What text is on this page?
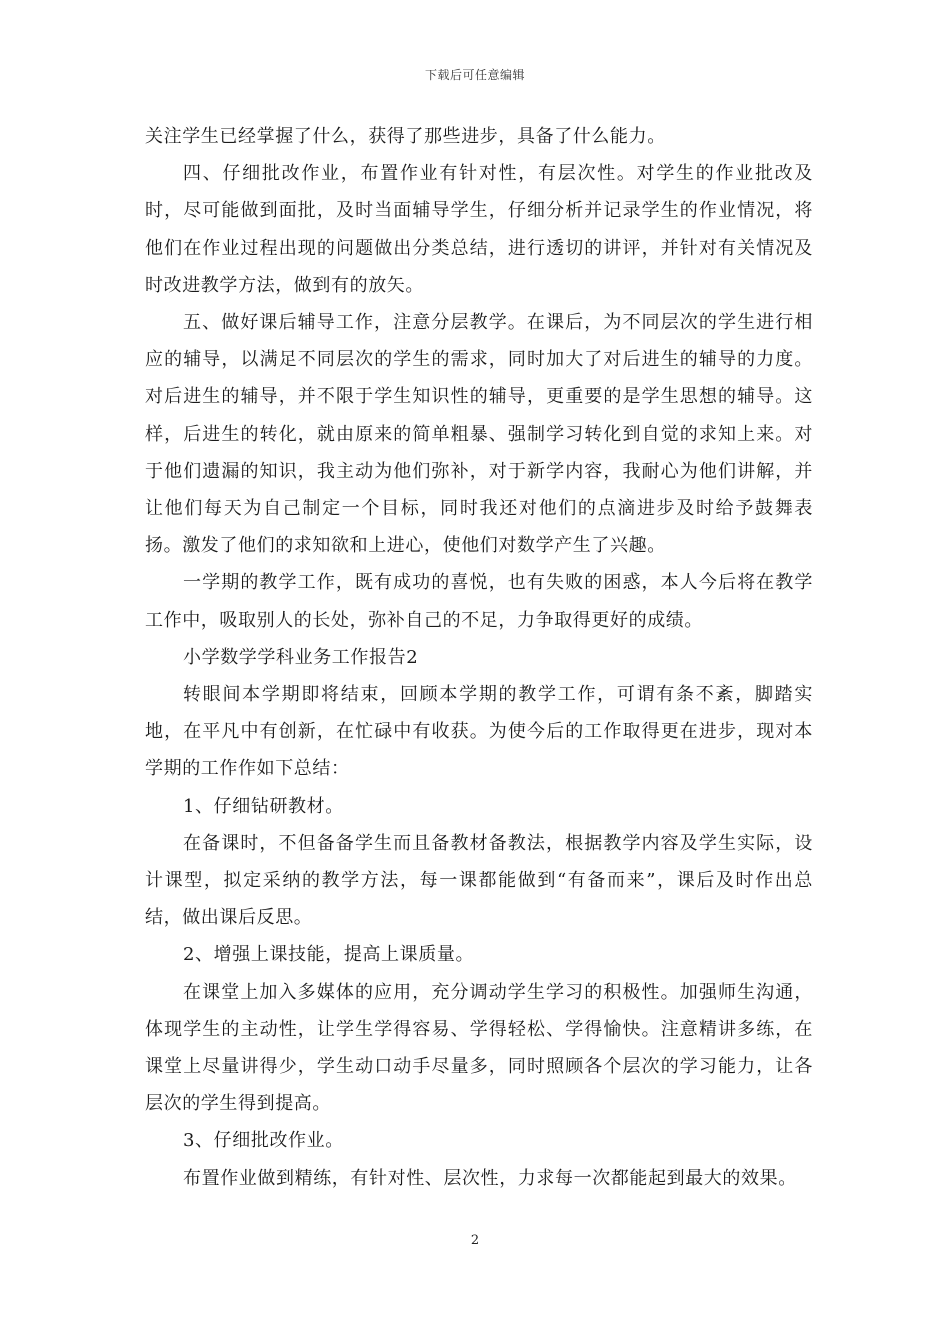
下载后可任意编辑

关注学生已经掌握了什么，获得了那些进步，具备了什么能力。

四、仔细批改作业，布置作业有针对性，有层次性。对学生的作业批改及时，尽可能做到面批，及时当面辅导学生，仔细分析并记录学生的作业情况，将他们在作业过程出现的问题做出分类总结，进行透切的讲评，并针对有关情况及时改进教学方法，做到有的放矢。

五、做好课后辅导工作，注意分层教学。在课后，为不同层次的学生进行相应的辅导，以满足不同层次的学生的需求，同时加大了对后进生的辅导的力度。对后进生的辅导，并不限于学生知识性的辅导，更重要的是学生思想的辅导。这样，后进生的转化，就由原来的简单粗暴、强制学习转化到自觉的求知上来。对于他们遗漏的知识，我主动为他们弥补，对于新学内容，我耐心为他们讲解，并让他们每天为自己制定一个目标，同时我还对他们的点滴进步及时给予鼓舞表扬。激发了他们的求知欲和上进心，使他们对数学产生了兴趣。

一学期的教学工作，既有成功的喜悦，也有失败的困惑，本人今后将在教学工作中，吸取别人的长处，弥补自己的不足，力争取得更好的成绩。

小学数学学科业务工作报告2

转眼间本学期即将结束，回顾本学期的教学工作，可谓有条不紊，脚踏实地，在平凡中有创新，在忙碌中有收获。为使今后的工作取得更在进步，现对本学期的工作作如下总结：

1、仔细钻研教材。

在备课时，不但备备学生而且备教材备教法，根据教学内容及学生实际，设计课型，拟定采纳的教学方法，每一课都能做到“有备而来”，课后及时作出总结，做出课后反思。

2、增强上课技能，提高上课质量。

在课堂上加入多媒体的应用，充分调动学生学习的积极性。加强师生沟通，体现学生的主动性，让学生学得容易、学得轻松、学得愉快。注意精讲多练，在课堂上尽量讲得少，学生动口动手尽量多，同时照顾各个层次的学习能力，让各层次的学生得到提高。

3、仔细批改作业。

布置作业做到精练，有针对性、层次性，力求每一次都能起到最大的效果。

2
